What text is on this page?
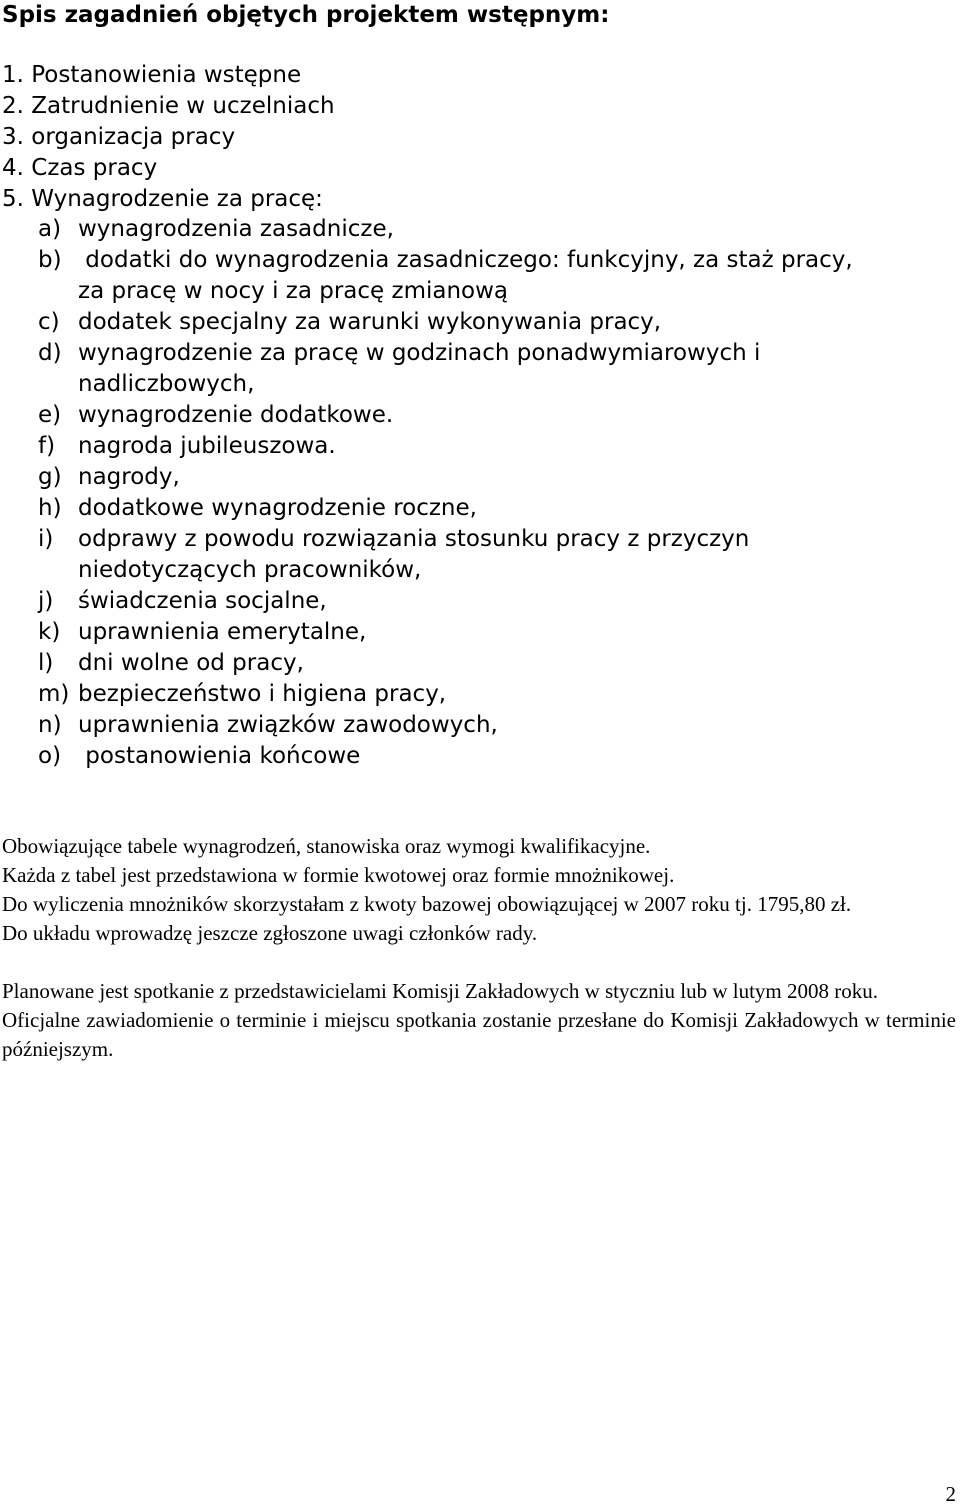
Spis zagadnień objętych projektem wstępnym:
1. Postanowienia wstępne
2. Zatrudnienie w uczelniach
3. organizacja pracy
4. Czas pracy
5. Wynagrodzenie za pracę:
a) wynagrodzenia zasadnicze,
b) dodatki do wynagrodzenia zasadniczego: funkcyjny, za staż pracy,
za pracę w nocy i za pracę zmianową
c) dodatek specjalny za warunki wykonywania pracy,
d) wynagrodzenie za pracę w godzinach ponadwymiarowych i
nadliczbowych,
e) wynagrodzenie dodatkowe.
f) nagroda jubileuszowa.
g) nagrody,
h) dodatkowe wynagrodzenie roczne,
i) odprawy z powodu rozwiązania stosunku pracy z przyczyn
niedotyczących pracowników,
j) świadczenia socjalne,
k) uprawnienia emerytalne,
l) dni wolne od pracy,
m) bezpieczeństwo i higiena pracy,
n) uprawnienia związków zawodowych,
o) postanowienia końcowe

Obowiązujące tabele wynagrodzeń, stanowiska oraz wymogi kwalifikacyjne.

Każda z tabel jest przedstawiona w formie kwotowej oraz formie mnożnikowej.

Do wyliczenia mnożników skorzystałam z kwoty bazowej obowiązującej w 2007 roku tj. 1795,80 zł.

Do układu wprowadzę jeszcze zgłoszone uwagi członków rady.

Planowane jest spotkanie z przedstawicielami Komisji Zakładowych w styczniu lub w lutym 2008 roku.

Oficjalne zawiadomienie o terminie i miejscu spotkania zostanie przesłane do Komisji Zakładowych w terminie późniejszym.

2
